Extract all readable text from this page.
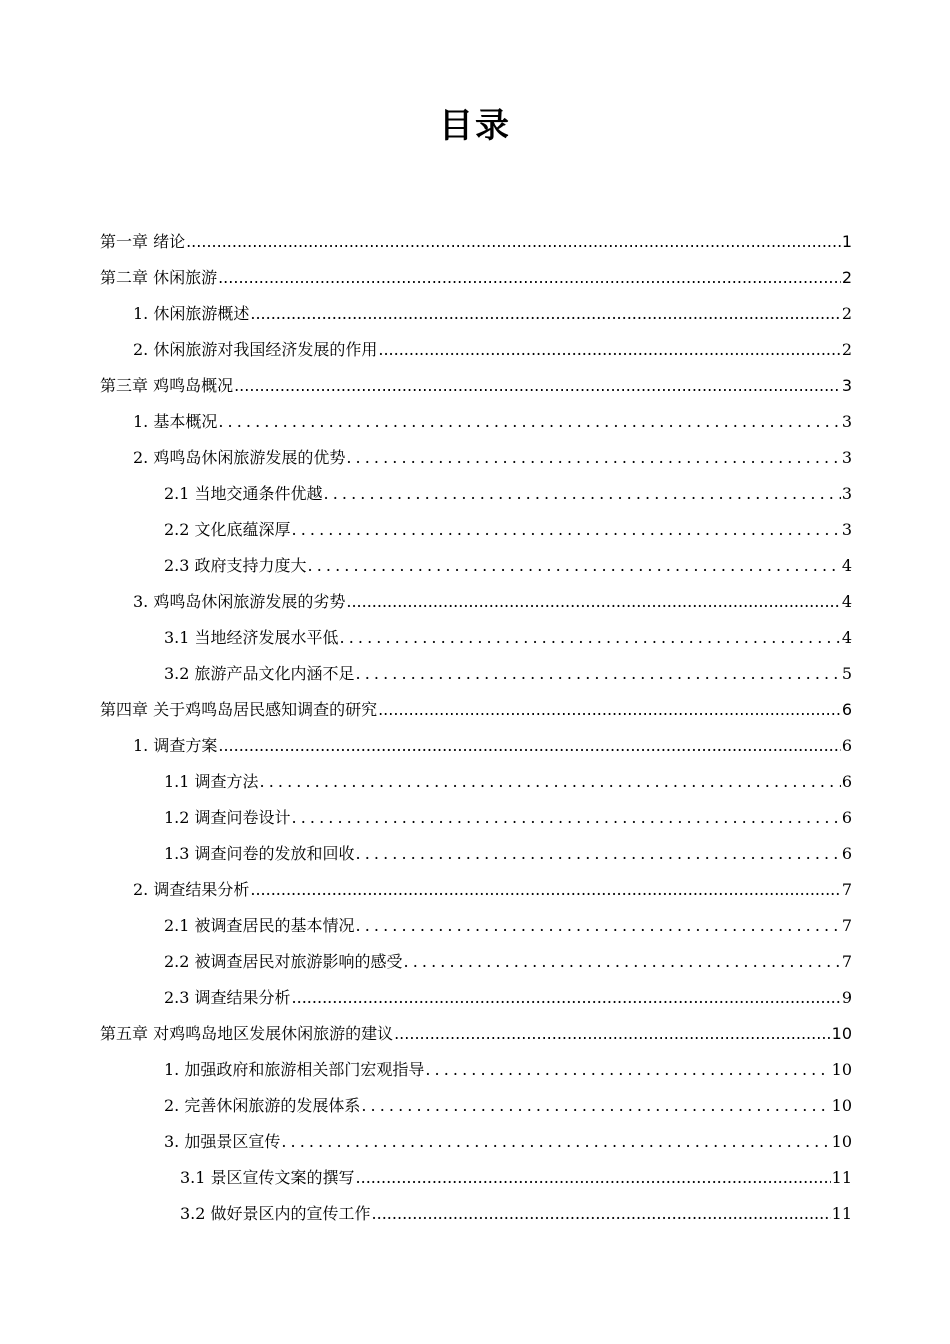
目录
第一章 绪论 .....	1
第二章 休闲旅游 .....	2
1. 休闲旅游概述 .....	2
2. 休闲旅游对我国经济发展的作用 .....	2
第三章 鸡鸣岛概况 .....	3
1. 基本概况 .....	3
2. 鸡鸣岛休闲旅游发展的优势 .....	3
2.1 当地交通条件优越 .....	3
2.2 文化底蕴深厚 .....	3
2.3 政府支持力度大 .....	4
3. 鸡鸣岛休闲旅游发展的劣势 .....	4
3.1 当地经济发展水平低 .....	4
3.2 旅游产品文化内涵不足 .....	5
第四章 关于鸡鸣岛居民感知调查的研究 .....	6
1. 调查方案 .....	6
1.1 调查方法 .....	6
1.2 调查问卷设计 .....	6
1.3 调查问卷的发放和回收 .....	6
2. 调查结果分析 .....	7
2.1 被调查居民的基本情况 .....	7
2.2 被调查居民对旅游影响的感受 .....	7
2.3 调查结果分析 .....	9
第五章 对鸡鸣岛地区发展休闲旅游的建议 .....	10
1. 加强政府和旅游相关部门宏观指导 .....	10
2. 完善休闲旅游的发展体系 .....	10
3. 加强景区宣传 .....	10
3.1 景区宣传文案的撰写 .....	11
3.2 做好景区内的宣传工作 .....	11
